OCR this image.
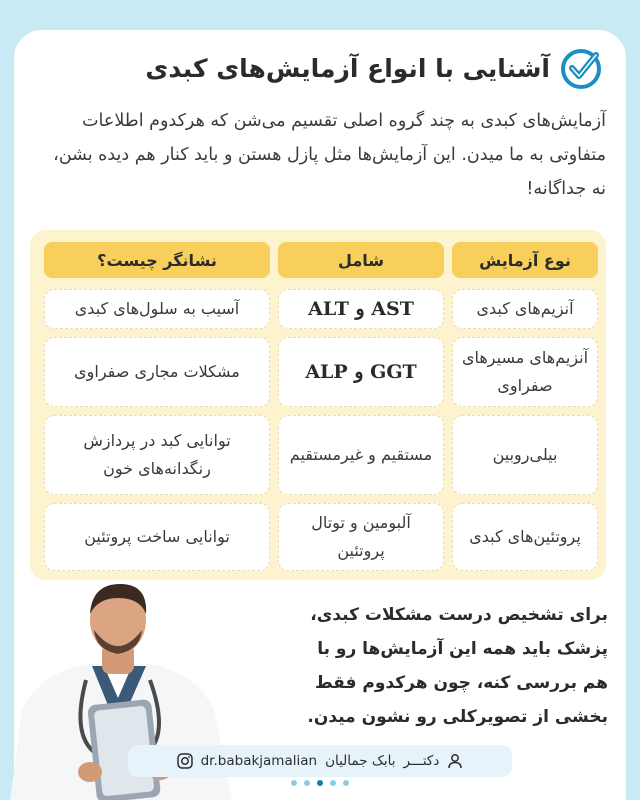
آشنایی با انواع آزمایش‌های کبدی
آزمایش‌های کبدی به چند گروه اصلی تقسیم می‌شن که هرکدوم اطلاعات متفاوتی به ما میدن. این آزمایش‌ها مثل پازل هستن و باید کنار هم دیده بشن، نه جداگانه!
نوع آزمایش
شامل
نشانگر چیست؟
آنزیم‌های کبدی
AST و ALT
آسیب به سلول‌های کبدی
آنزیم‌های مسیرهای صفراوی
GGT و ALP
مشکلات مجاری صفراوی
بیلی‌روبین
مستقیم و غیرمستقیم
توانایی کبد در پردازش رنگدانه‌های خون
پروتئین‌های کبدی
آلبومین و توتال پروتئین
توانایی ساخت پروتئین
برای تشخیص درست مشکلات کبدی، پزشک باید همه این آزمایش‌ها رو با هم بررسی کنه، چون هرکدوم فقط بخشی از تصویرکلی رو نشون میدن.
dr.babakjamalian بابک جمالیان دکتـــر
